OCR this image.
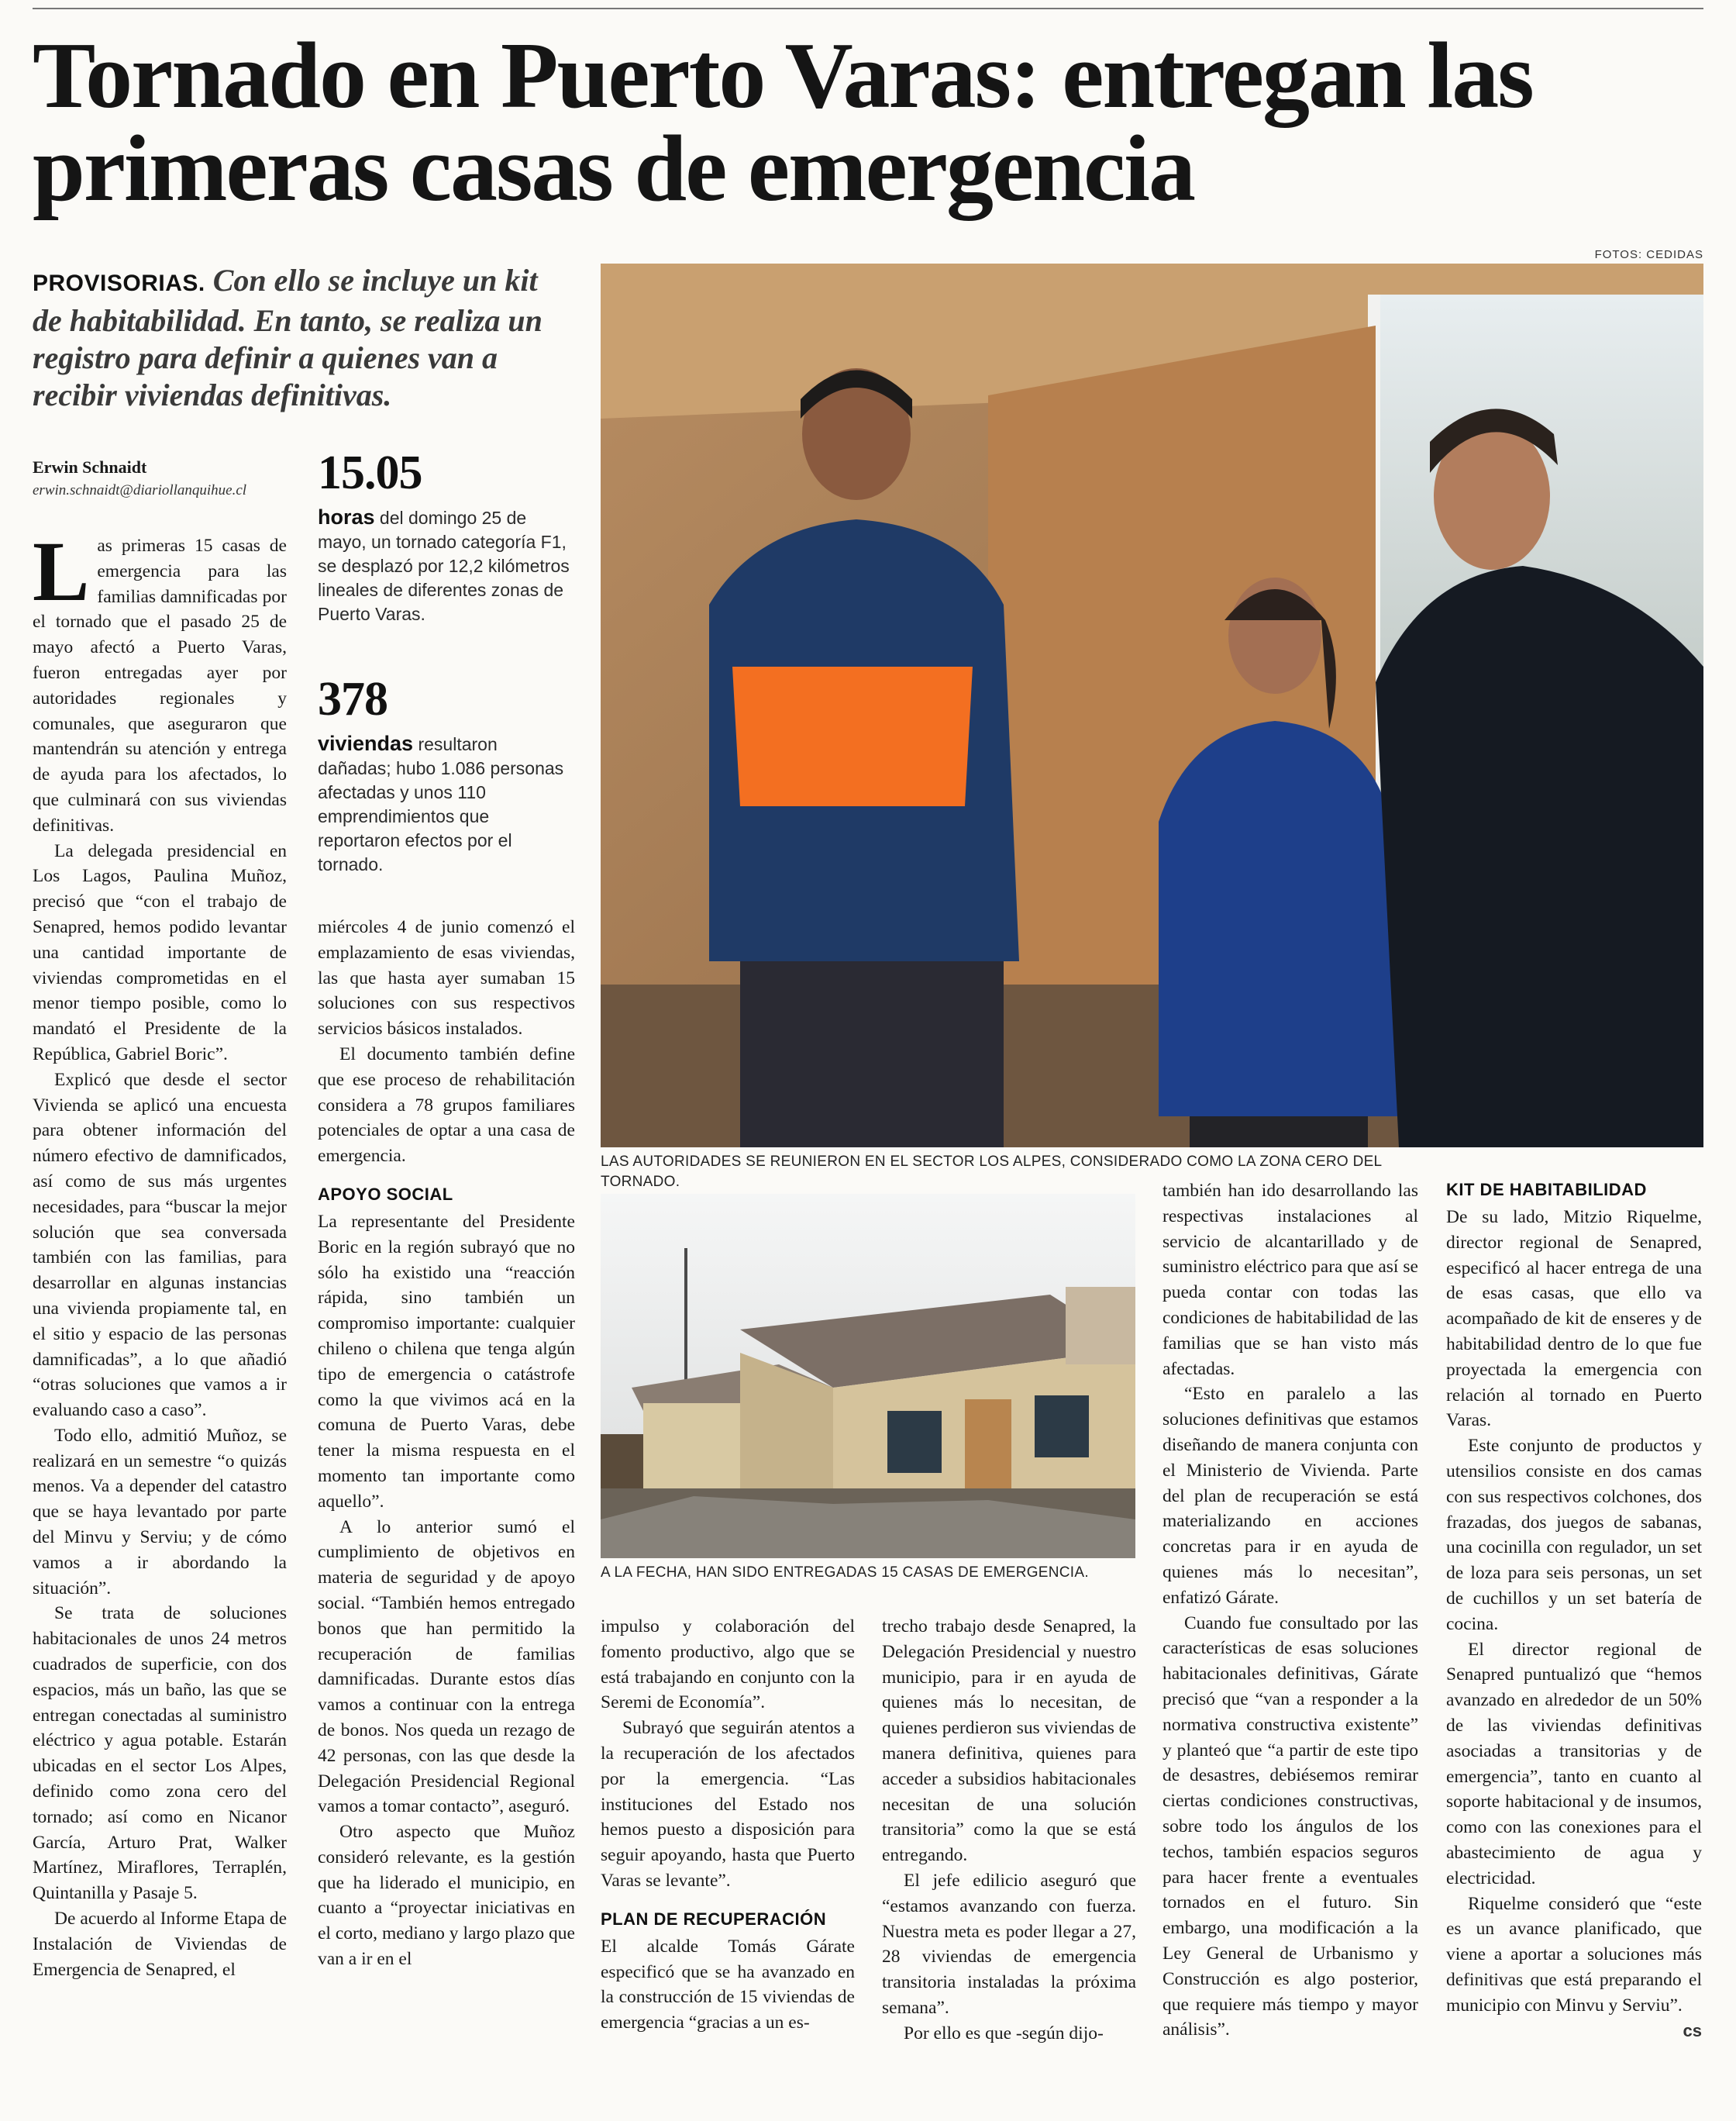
Tornado en Puerto Varas: entregan las primeras casas de emergencia
FOTOS: CEDIDAS
PROVISORIAS. Con ello se incluye un kit de habitabilidad. En tanto, se realiza un registro para definir a quienes van a recibir viviendas definitivas.
Erwin Schnaidt
erwin.schnaidt@diariollanquihue.cl

Las primeras 15 casas de emergencia para las familias damnificadas por el tornado que el pasado 25 de mayo afectó a Puerto Varas, fueron entregadas ayer por autoridades regionales y comunales, que aseguraron que mantendrán su atención y entrega de ayuda para los afectados, lo que culminará con sus viviendas definitivas.

La delegada presidencial en Los Lagos, Paulina Muñoz, precisó que “con el trabajo de Senapred, hemos podido levantar una cantidad importante de viviendas comprometidas en el menor tiempo posible, como lo mandató el Presidente de la República, Gabriel Boric”.

Explicó que desde el sector Vivienda se aplicó una encuesta para obtener información del número efectivo de damnificados, así como de sus más urgentes necesidades, para “buscar la mejor solución que sea conversada también con las familias, para desarrollar en algunas instancias una vivienda propiamente tal, en el sitio y espacio de las personas damnificadas”, a lo que añadió “otras soluciones que vamos a ir evaluando caso a caso”.

Todo ello, admitió Muñoz, se realizará en un semestre “o quizás menos. Va a depender del catastro que se haya levantado por parte del Minvu y Serviu; y de cómo vamos a ir abordando la situación”.

Se trata de soluciones habitacionales de unos 24 metros cuadrados de superficie, con dos espacios, más un baño, las que se entregan conectadas al suministro eléctrico y agua potable. Estarán ubicadas en el sector Los Alpes, definido como zona cero del tornado; así como en Nicanor García, Arturo Prat, Walker Martínez, Miraflores, Terraplén, Quintanilla y Pasaje 5.

De acuerdo al Informe Etapa de Instalación de Viviendas de Emergencia de Senapred, el

15.05
horas del domingo 25 de mayo, un tornado categoría F1, se desplazó por 12,2 kilómetros lineales de diferentes zonas de Puerto Varas.
378
viviendas resultaron dañadas; hubo 1.086 personas afectadas y unos 110 emprendimientos que reportaron efectos por el tornado.

miércoles 4 de junio comenzó el emplazamiento de esas viviendas, las que hasta ayer sumaban 15 soluciones con sus respectivos servicios básicos instalados.

El documento también define que ese proceso de rehabilitación considera a 78 grupos familiares potenciales de optar a una casa de emergencia.

APOYO SOCIAL

La representante del Presidente Boric en la región subrayó que no sólo ha existido una “reacción rápida, sino también un compromiso importante: cualquier chileno o chilena que tenga algún tipo de emergencia o catástrofe como la que vivimos acá en la comuna de Puerto Varas, debe tener la misma respuesta en el momento tan importante como aquello”.

A lo anterior sumó el cumplimiento de objetivos en materia de seguridad y de apoyo social. “También hemos entregado bonos que han permitido la recuperación de familias damnificadas. Durante estos días vamos a continuar con la entrega de bonos. Nos queda un rezago de 42 personas, con las que desde la Delegación Presidencial Regional vamos a tomar contacto”, aseguró.

Otro aspecto que Muñoz consideró relevante, es la gestión que ha liderado el municipio, en cuanto a “proyectar iniciativas en el corto, mediano y largo plazo que van a ir en el

LAS AUTORIDADES SE REUNIERON EN EL SECTOR LOS ALPES, CONSIDERADO COMO LA ZONA CERO DEL TORNADO.
A LA FECHA, HAN SIDO ENTREGADAS 15 CASAS DE EMERGENCIA.

impulso y colaboración del fomento productivo, algo que se está trabajando en conjunto con la Seremi de Economía”.

Subrayó que seguirán atentos a la recuperación de los afectados por la emergencia. “Las instituciones del Estado nos hemos puesto a disposición para seguir apoyando, hasta que Puerto Varas se levante”.

PLAN DE RECUPERACIÓN

El alcalde Tomás Gárate especificó que se ha avanzado en la construcción de 15 viviendas de emergencia “gracias a un es-

trecho trabajo desde Senapred, la Delegación Presidencial y nuestro municipio, para ir en ayuda de quienes más lo necesitan, de quienes perdieron sus viviendas de manera definitiva, quienes para acceder a subsidios habitacionales necesitan de una solución transitoria” como la que se está entregando.

El jefe edilicio aseguró que “estamos avanzando con fuerza. Nuestra meta es poder llegar a 27, 28 viviendas de emergencia transitoria instaladas la próxima semana”.

Por ello es que -según dijo-

también han ido desarrollando las respectivas instalaciones al servicio de alcantarillado y de suministro eléctrico para que así se pueda contar con todas las condiciones de habitabilidad de las familias que se han visto más afectadas.

“Esto en paralelo a las soluciones definitivas que estamos diseñando de manera conjunta con el Ministerio de Vivienda. Parte del plan de recuperación se está materializando en acciones concretas para ir en ayuda de quienes más lo necesitan”, enfatizó Gárate.

Cuando fue consultado por las características de esas soluciones habitacionales definitivas, Gárate precisó que “van a responder a la normativa constructiva existente” y planteó que “a partir de este tipo de desastres, debiésemos remirar ciertas condiciones constructivas, sobre todo los ángulos de los techos, también espacios seguros para hacer frente a eventuales tornados en el futuro. Sin embargo, una modificación a la Ley General de Urbanismo y Construcción es algo posterior, que requiere más tiempo y mayor análisis”.

KIT DE HABITABILIDAD

De su lado, Mitzio Riquelme, director regional de Senapred, especificó al hacer entrega de una de esas casas, que ello va acompañado de kit de enseres y de habitabilidad dentro de lo que fue proyectada la emergencia con relación al tornado en Puerto Varas.

Este conjunto de productos y utensilios consiste en dos camas con sus respectivos colchones, dos frazadas, dos juegos de sabanas, una cocinilla con regulador, un set de loza para seis personas, un set de cuchillos y un set batería de cocina.

El director regional de Senapred puntualizó que “hemos avanzado en alrededor de un 50% de las viviendas definitivas asociadas a transitorias y de emergencia”, tanto en cuanto al soporte habitacional y de insumos, como con las conexiones para el abastecimiento de agua y electricidad.

Riquelme consideró que “este es un avance planificado, que viene a aportar a soluciones más definitivas que está preparando el municipio con Minvu y Serviu”.
cs
